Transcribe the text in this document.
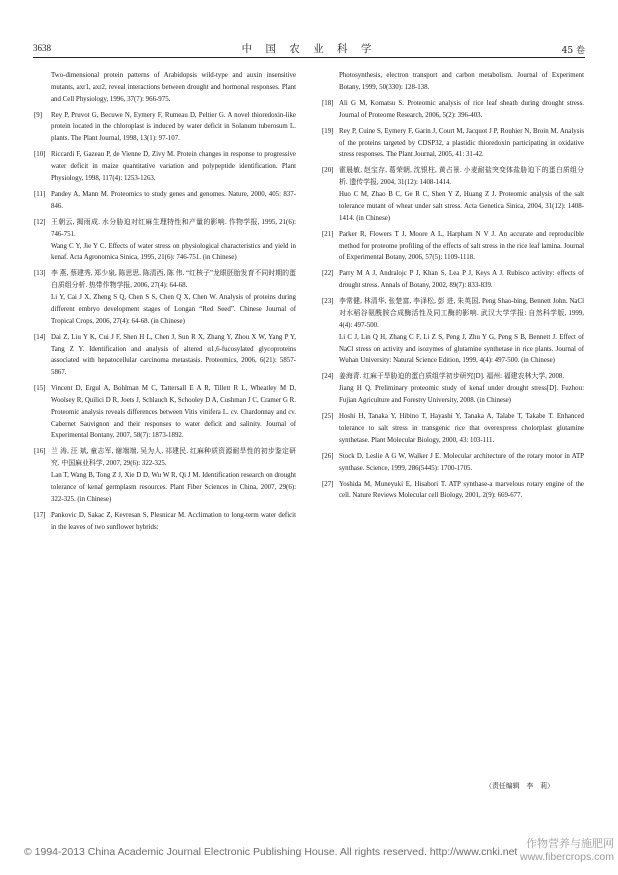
3638	中 国 农 业 科 学	45 卷

Two-dimensional protein patterns of Arabidopsis wild-type and auxin insensitive mutants, axr1, axr2, reveal interactions between drought and hormonal responses. Plant and Cell Physiology, 1996, 37(7): 966-975.

[9] Rey P, Pruvot G, Becuwe N, Eymery F, Rumeau D, Peltier G. A novel thioredoxin-like protein located in the chloroplast is induced by water deficit in Solanum tuberosum L. plants. The Plant Journal, 1998, 13(1): 97-107.

[10] Riccardi F, Gazeau P, de Vienne D, Zivy M. Protein changes in response to progressive water deficit in maize quantitative variation and polypeptide identification. Plant Physiology, 1998, 117(4): 1253-1263.

[11] Pandey A, Mann M. Proteomics to study genes and genomes. Nature, 2000, 405: 837-846.

[12] 王朝云, 揭雨成. 水分胁迫对红麻生理特性和产量的影响. 作物学报, 1995, 21(6): 746-751.

Wang C Y, Jie Y C. Effects of water stress on physiological characteristics and yield in kenaf. Acta Agronomica Sinica, 1995, 21(6): 746-751. (in Chinese)

[13] 李 燕, 蔡建秀, 郑少泉, 陈思思, 陈清西, 陈 伟. “红核子”龙眼胚胎发育不同时期的蛋白质组分析. 热带作物学报, 2006, 27(4): 64-68.

Li Y, Cai J X, Zheng S Q, Chen S S, Chen Q X, Chen W. Analysis of proteins during different embryo development stages of Longan “Red Seed”. Chinese Journal of Tropical Crops, 2006, 27(4): 64-68. (in Chinese)

[14] Dai Z, Liu Y K, Cui J F, Shen H L, Chen J, Sun R X, Zhang Y, Zhou X W, Yang P Y, Tang Z Y. Identification and analysis of altered α1,6-fucosylated glycoproteins associated with hepatocellular carcinoma metastasis. Proteomics, 2006, 6(21): 5857-5867.

[15] Vincent D, Ergul A, Bohlman M C, Tattersall E A R, Tillett R L, Wheatley M D, Woolsey R, Quilici D R, Joets J, Schlauch K, Schooley D A, Cushman J C, Cramer G R. Proteomic analysis reveals differences between Vitis vinifera L. cv. Chardonnay and cv. Cabernet Sauvignon and their responses to water deficit and salinity. Journal of Experimental Bontany, 2007, 58(7): 1873-1892.

[16] 兰 涛, 汪 斌, 童志军, 谢端端, 吴为人, 祁建民. 红麻种质资源耐旱性的初步鉴定研究. 中国麻业科学, 2007, 29(6): 322-325.

Lan T, Wang B, Tong Z J, Xie D D, Wu W R, Qi J M. Identification research on drought tolerance of kenaf germplasm resources. Plant Fiber Sciences in China, 2007, 29(6): 322-325. (in Chinese)

[17] Pankovic D, Sakac Z, Kevresan S, Plesnicar M. Acclimation to long-term water deficit in the leaves of two sunflower hybrids:

Photosynthesis, electron transport and carbon metabolism. Journal of Experiment Botany, 1999, 50(330): 128-138.

[18] Ali G M, Komatsu S. Proteomic analysis of rice leaf sheath during drought stress. Journal of Proteome Research, 2006, 5(2): 396-403.

[19] Rey P, Cuine S, Eymery F, Garin J, Court M, Jacquot J P, Rouhier N, Broin M. Analysis of the proteins targeted by CDSP32, a plastidic thioredoxin participating in oxidative stress responses. The Plant Journal, 2005, 41: 31-42.

[20] 霍晨敏, 赵宝存, 葛荣朝, 沈银柱, 黄占景. 小麦耐盐突变体盐胁迫下的蛋白质组分析. 遗传学报, 2004, 31(12): 1408-1414.

Huo C M, Zhao B C, Ge R C, Shen Y Z, Huang Z J. Proteomic analysis of the salt tolerance mutant of wheat under salt stress. Acta Genetica Sinica, 2004, 31(12): 1408-1414. (in Chinese)

[21] Parker R, Flowers T J, Moore A L, Harpham N V J. An accurate and reproducible method for proteome profiling of the effects of salt stress in the rice leaf lamina. Journal of Experimental Botany, 2006, 57(5): 1109-1118.

[22] Parry M A J, Andralojc P J, Khan S, Lea P J, Keys A J. Rubisco activity: effects of drought stress. Annals of Botany, 2002, 89(7): 833-839.

[23] 李常健, 林清华, 张楚富, 李泽松, 彭 进, 朱英国, Peng Shao-bing, Bennett John. NaCl 对水稻谷氨酰胺合成酶活性及同工酶的影响. 武汉大学学报: 自然科学版, 1999, 4(4): 497-500.

Li C J, Lin Q H, Zhang C F, Li Z S, Peng J, Zhu Y G, Peng S B, Bennett J. Effect of NaCl stress on activity and isozymes of glutamine synthetase in rice plants. Journal of Wuhan University: Natural Science Edition, 1999, 4(4): 497-500. (in Chinese)

[24] 姜海青. 红麻干旱胁迫的蛋白质组学初步研究[D]. 福州: 福建农林大学, 2008.

Jiang H Q. Preliminary proteomic study of kenaf under drought stress[D]. Fuzhou: Fujian Agriculture and Forestry University, 2008. (in Chinese)

[25] Hoshi H, Tanaka Y, Hibino T, Hayashi Y, Tanaka A, Talabe T, Takabe T. Enhanced tolerance to salt stress in transgenic rice that overexpress cholorplast glutamine synthetase. Plant Molecular Biology, 2000, 43: 103-111.

[26] Stock D, Leslie A G W, Walker J E. Molecular architecture of the rotary motor in ATP synthase. Science, 1999, 286(5445): 1700-1705.

[27] Yoshida M, Muneyuki E, Hisabori T. ATP synthase-a marvelous rotary engine of the cell. Nature Reviews Molecular cell Biology, 2001, 2(9): 669-677.

（责任编辑　李　莉）
© 1994-2013 China Academic Journal Electronic Publishing House. All rights reserved. http://www.cnki.net
作物营养与施肥网
www.fibercrops.com
